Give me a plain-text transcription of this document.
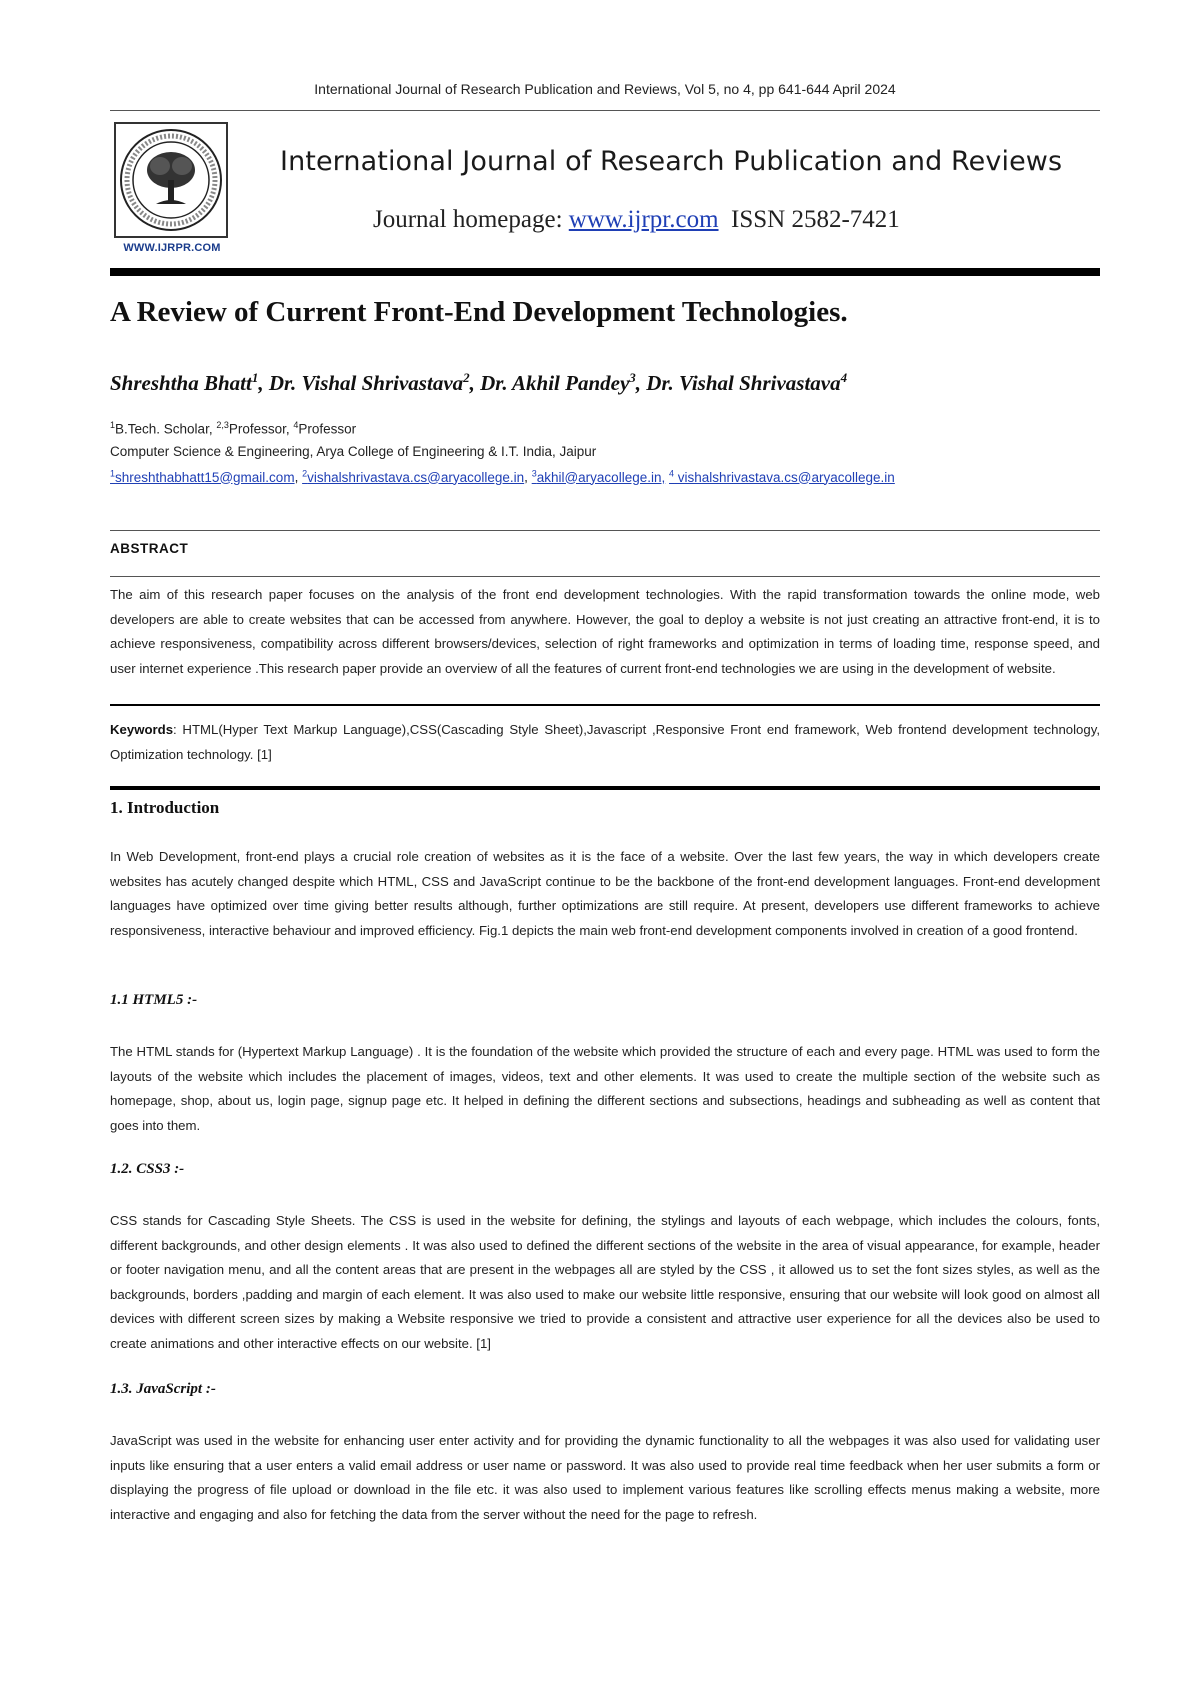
International Journal of Research Publication and Reviews, Vol 5, no 4, pp 641-644 April 2024
WWW.IJRPR.COM
International Journal of Research Publication and Reviews
Journal homepage: www.ijrpr.com ISSN 2582-7421
A Review of Current Front-End Development Technologies.
Shreshtha Bhatt$^1$, Dr. Vishal Shrivastava$^2$, Dr. Akhil Pandey$^3$, Dr. Vishal Shrivastava$^4$
$^1$B.Tech. Scholar, $^{2,3}$Professor, $^4$Professor
Computer Science & Engineering, Arya College of Engineering & I.T. India, Jaipur
$^1$shreshthabhatt15@gmail.com, $^2$vishalshrivastava.cs@aryacollege.in, $^3$akhil@aryacollege.in, $^4$ vishalshrivastava.cs@aryacollege.in
ABSTRACT
The aim of this research paper focuses on the analysis of the front end development technologies. With the rapid transformation towards the online mode, web developers are able to create websites that can be accessed from anywhere. However, the goal to deploy a website is not just creating an attractive front-end, it is to achieve responsiveness, compatibility across different browsers/devices, selection of right frameworks and optimization in terms of loading time, response speed, and user internet experience .This research paper provide an overview of all the features of current front-end technologies we are using in the development of website.
Keywords: HTML(Hyper Text Markup Language),CSS(Cascading Style Sheet),Javascript ,Responsive Front end framework, Web frontend development technology, Optimization technology. [1]
1. Introduction
In Web Development, front-end plays a crucial role creation of websites as it is the face of a website. Over the last few years, the way in which developers create websites has acutely changed despite which HTML, CSS and JavaScript continue to be the backbone of the front-end development languages. Front-end development languages have optimized over time giving better results although, further optimizations are still require. At present, developers use different frameworks to achieve responsiveness, interactive behaviour and improved efficiency. Fig.1 depicts the main web front-end development components involved in creation of a good frontend.
1.1 HTML5 :-
The HTML stands for (Hypertext Markup Language) . It is the foundation of the website which provided the structure of each and every page. HTML was used to form the layouts of the website which includes the placement of images, videos, text and other elements. It was used to create the multiple section of the website such as homepage, shop, about us, login page, signup page etc. It helped in defining the different sections and subsections, headings and subheading as well as content that goes into them.
1.2. CSS3 :-
CSS stands for Cascading Style Sheets. The CSS is used in the website for defining, the stylings and layouts of each webpage, which includes the colours, fonts, different backgrounds, and other design elements . It was also used to defined the different sections of the website in the area of visual appearance, for example, header or footer navigation menu, and all the content areas that are present in the webpages all are styled by the CSS , it allowed us to set the font sizes styles, as well as the backgrounds, borders ,padding and margin of each element. It was also used to make our website little responsive, ensuring that our website will look good on almost all devices with different screen sizes by making a Website responsive we tried to provide a consistent and attractive user experience for all the devices also be used to create animations and other interactive effects on our website. [1]
1.3. JavaScript :-
JavaScript was used in the website for enhancing user enter activity and for providing the dynamic functionality to all the webpages it was also used for validating user inputs like ensuring that a user enters a valid email address or user name or password. It was also used to provide real time feedback when her user submits a form or displaying the progress of file upload or download in the file etc. it was also used to implement various features like scrolling effects menus making a website, more interactive and engaging and also for fetching the data from the server without the need for the page to refresh.
